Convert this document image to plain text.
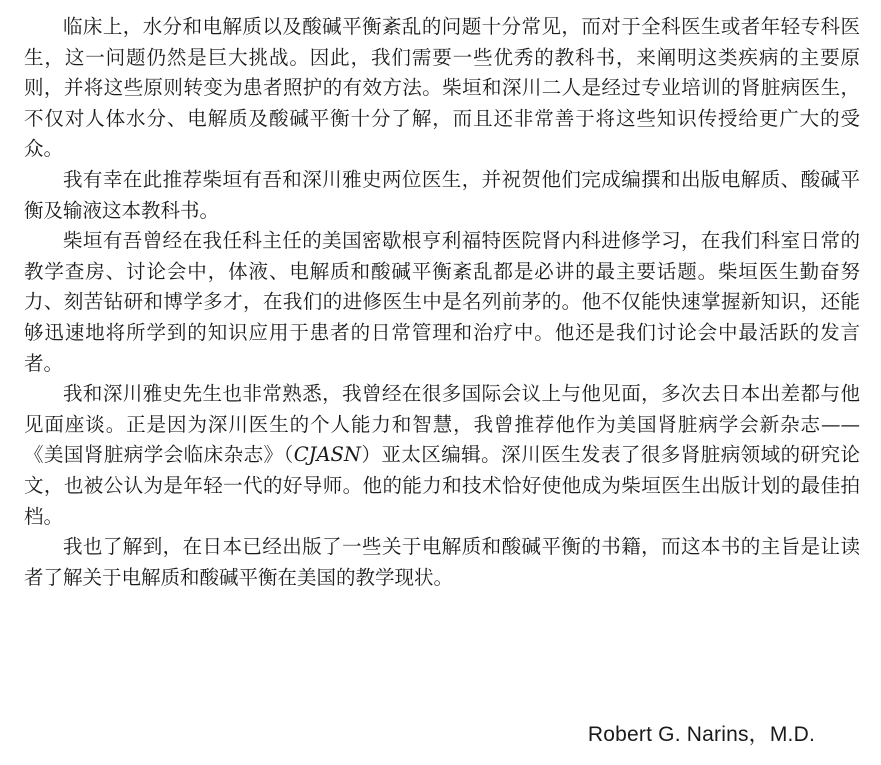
临床上，水分和电解质以及酸碱平衡紊乱的问题十分常见，而对于全科医生或者年轻专科医生，这一问题仍然是巨大挑战。因此，我们需要一些优秀的教科书，来阐明这类疾病的主要原则，并将这些原则转变为患者照护的有效方法。柴垣和深川二人是经过专业培训的肾脏病医生，不仅对人体水分、电解质及酸碱平衡十分了解，而且还非常善于将这些知识传授给更广大的受众。

我有幸在此推荐柴垣有吾和深川雅史两位医生，并祝贺他们完成编撰和出版电解质、酸碱平衡及输液这本教科书。

柴垣有吾曾经在我任科主任的美国密歇根亨利福特医院肾内科进修学习，在我们科室日常的教学查房、讨论会中，体液、电解质和酸碱平衡紊乱都是必讲的最主要话题。柴垣医生勤奋努力、刻苦钻研和博学多才，在我们的进修医生中是名列前茅的。他不仅能快速掌握新知识，还能够迅速地将所学到的知识应用于患者的日常管理和治疗中。他还是我们讨论会中最活跃的发言者。

我和深川雅史先生也非常熟悉，我曾经在很多国际会议上与他见面，多次去日本出差都与他见面座谈。正是因为深川医生的个人能力和智慧，我曾推荐他作为美国肾脏病学会新杂志——《美国肾脏病学会临床杂志》（CJASN）亚太区编辑。深川医生发表了很多肾脏病领域的研究论文，也被公认为是年轻一代的好导师。他的能力和技术恰好使他成为柴垣医生出版计划的最佳拍档。

我也了解到，在日本已经出版了一些关于电解质和酸碱平衡的书籍，而这本书的主旨是让读者了解关于电解质和酸碱平衡在美国的教学现状。

Robert G. Narins，M.D.
